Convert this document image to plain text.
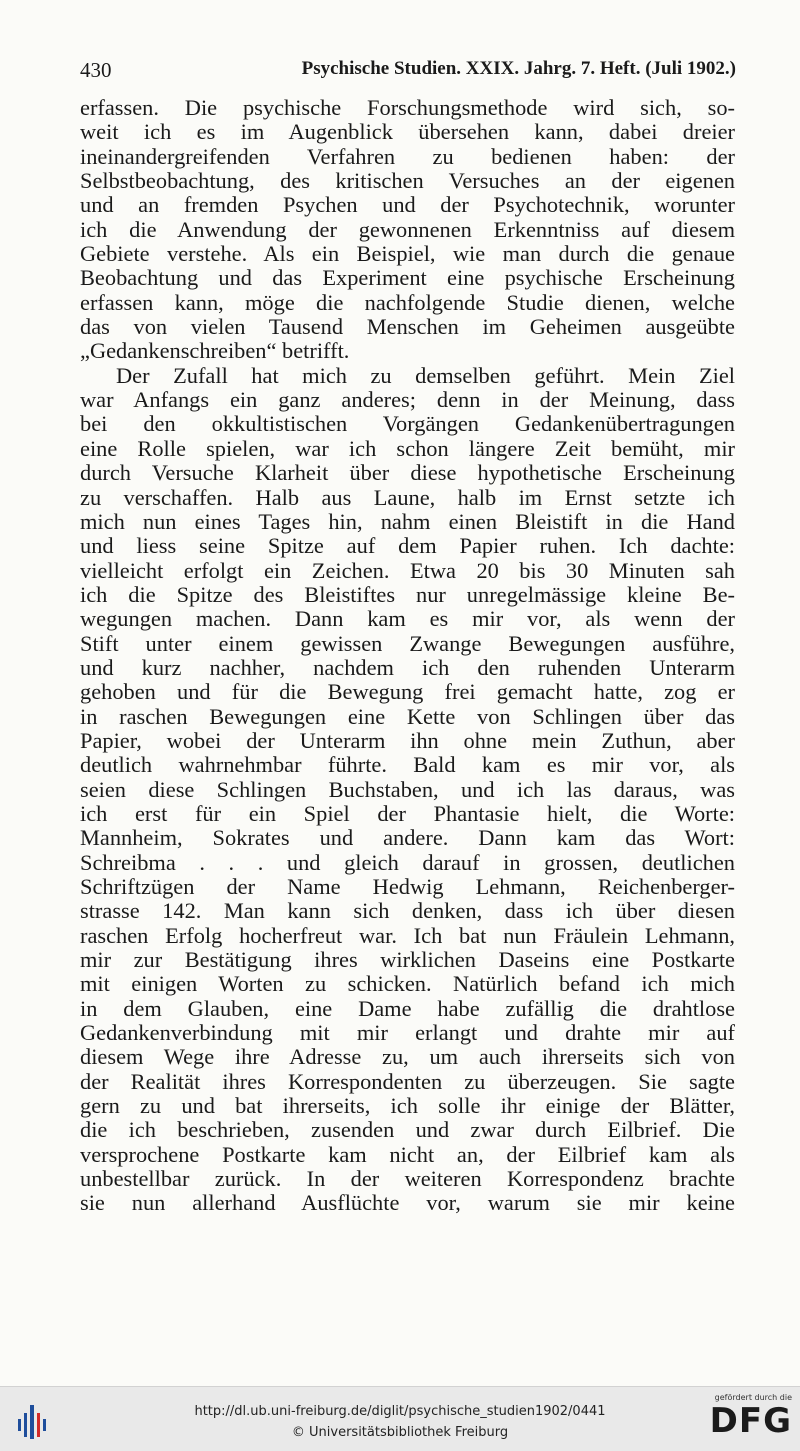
430	Psychische Studien. XXIX. Jahrg. 7. Heft. (Juli 1902.)

erfassen. Die psychische Forschungsmethode wird sich, so-

weit ich es im Augenblick übersehen kann, dabei dreier

ineinandergreifenden Verfahren zu bedienen haben: der

Selbstbeobachtung, des kritischen Versuches an der eigenen

und an fremden Psychen und der Psychotechnik, worunter

ich die Anwendung der gewonnenen Erkenntniss auf diesem

Gebiete verstehe. Als ein Beispiel, wie man durch die genaue

Beobachtung und das Experiment eine psychische Erscheinung

erfassen kann, möge die nachfolgende Studie dienen, welche

das von vielen Tausend Menschen im Geheimen ausgeübte

„Gedankenschreiben“ betrifft.

Der Zufall hat mich zu demselben geführt. Mein Ziel

war Anfangs ein ganz anderes; denn in der Meinung, dass

bei den okkultistischen Vorgängen Gedankenübertragungen

eine Rolle spielen, war ich schon längere Zeit bemüht, mir

durch Versuche Klarheit über diese hypothetische Erscheinung

zu verschaffen. Halb aus Laune, halb im Ernst setzte ich

mich nun eines Tages hin, nahm einen Bleistift in die Hand

und liess seine Spitze auf dem Papier ruhen. Ich dachte:

vielleicht erfolgt ein Zeichen. Etwa 20 bis 30 Minuten sah

ich die Spitze des Bleistiftes nur unregelmässige kleine Be-

wegungen machen. Dann kam es mir vor, als wenn der

Stift unter einem gewissen Zwange Bewegungen ausführe,

und kurz nachher, nachdem ich den ruhenden Unterarm

gehoben und für die Bewegung frei gemacht hatte, zog er

in raschen Bewegungen eine Kette von Schlingen über das

Papier, wobei der Unterarm ihn ohne mein Zuthun, aber

deutlich wahrnehmbar führte. Bald kam es mir vor, als

seien diese Schlingen Buchstaben, und ich las daraus, was

ich erst für ein Spiel der Phantasie hielt, die Worte:

Mannheim, Sokrates und andere. Dann kam das Wort:

Schreibma . . . und gleich darauf in grossen, deutlichen

Schriftzügen der Name Hedwig Lehmann, Reichenberger-

strasse 142. Man kann sich denken, dass ich über diesen

raschen Erfolg hocherfreut war. Ich bat nun Fräulein Lehmann,

mir zur Bestätigung ihres wirklichen Daseins eine Postkarte

mit einigen Worten zu schicken. Natürlich befand ich mich

in dem Glauben, eine Dame habe zufällig die drahtlose

Gedankenverbindung mit mir erlangt und drahte mir auf

diesem Wege ihre Adresse zu, um auch ihrerseits sich von

der Realität ihres Korrespondenten zu überzeugen. Sie sagte

gern zu und bat ihrerseits, ich solle ihr einige der Blätter,

die ich beschrieben, zusenden und zwar durch Eilbrief. Die

versprochene Postkarte kam nicht an, der Eilbrief kam als

unbestellbar zurück. In der weiteren Korrespondenz brachte

sie nun allerhand Ausflüchte vor, warum sie mir keine

http://dl.ub.uni-freiburg.de/diglit/psychische_studien1902/0441
© Universitätsbibliothek Freiburg
gefördert durch die
DFG
